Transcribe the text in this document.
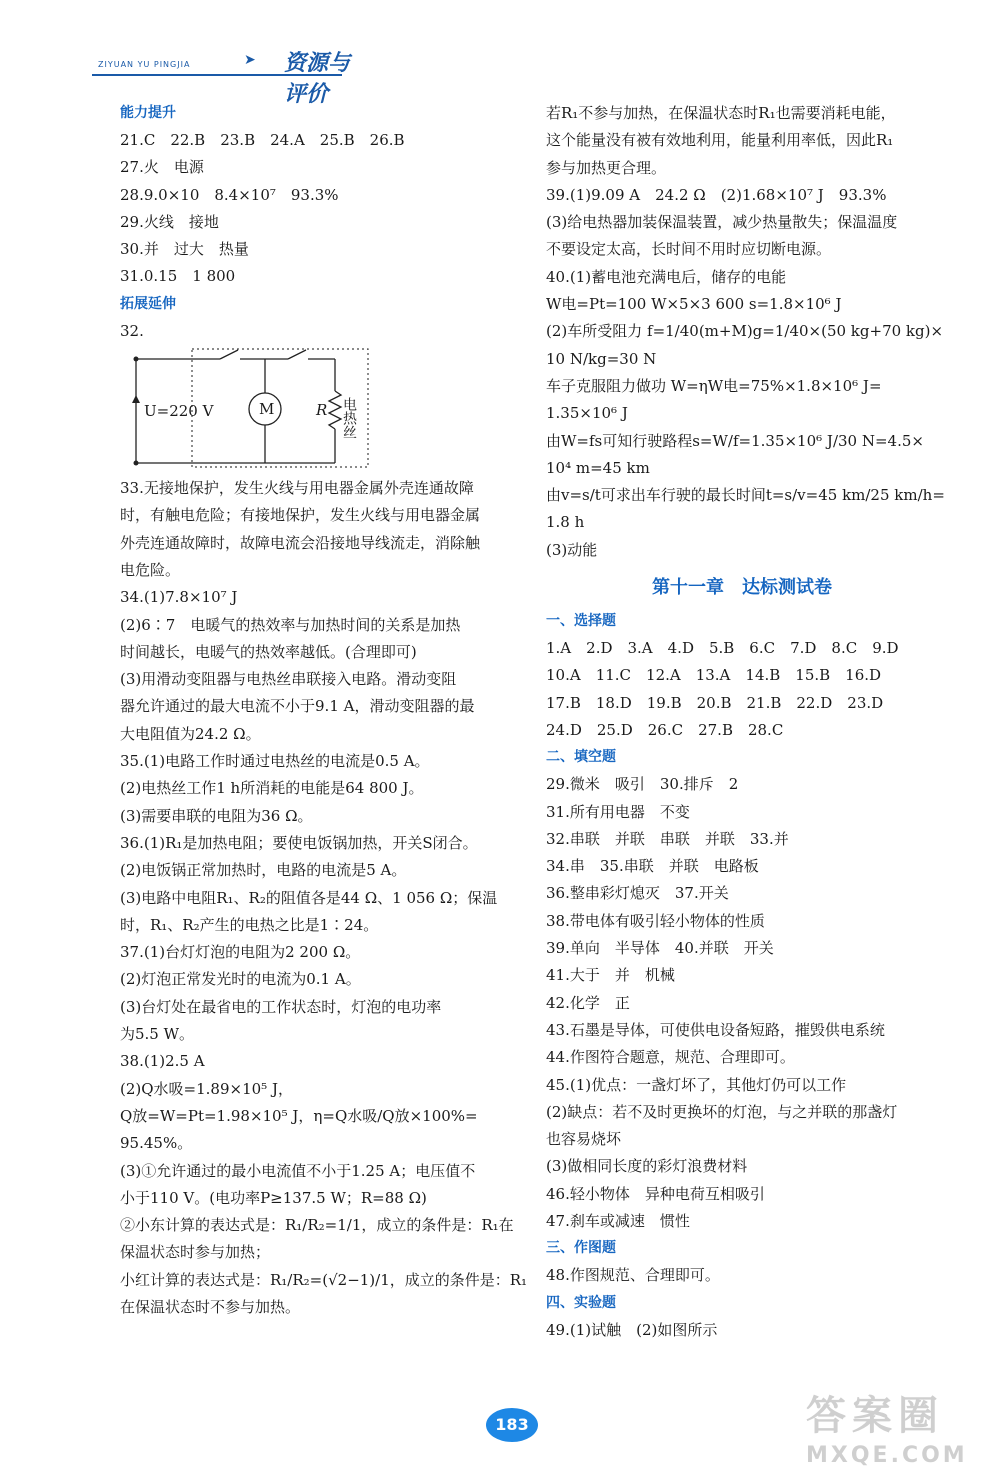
ZIYUAN YU PINGJIA	➤ 资源与评价
能力提升
21.C　22.B　23.B　24.A　25.B　26.B
27.火　电源
28.9.0×10　8.4×10⁷　93.3%
29.火线　接地
30.并　过大　热量
31.0.15　1 800
拓展延伸
32.
U=220 V	M	R 电热丝
33.无接地保护，发生火线与用电器金属外壳连通故障
时，有触电危险；有接地保护，发生火线与用电器金属
外壳连通故障时，故障电流会沿接地导线流走，消除触
电危险。
34.(1)7.8×10⁷ J
(2)6∶7　电暖气的热效率与加热时间的关系是加热
时间越长，电暖气的热效率越低。(合理即可)
(3)用滑动变阻器与电热丝串联接入电路。滑动变阻
器允许通过的最大电流不小于9.1 A，滑动变阻器的最
大电阻值为24.2 Ω。
35.(1)电路工作时通过电热丝的电流是0.5 A。
(2)电热丝工作1 h所消耗的电能是64 800 J。
(3)需要串联的电阻为36 Ω。
36.(1)R₁是加热电阻；要使电饭锅加热，开关S闭合。
(2)电饭锅正常加热时，电路的电流是5 A。
(3)电路中电阻R₁、R₂的阻值各是44 Ω、1 056 Ω；保温
时，R₁、R₂产生的电热之比是1∶24。
37.(1)台灯灯泡的电阻为2 200 Ω。
(2)灯泡正常发光时的电流为0.1 A。
(3)台灯处在最省电的工作状态时，灯泡的电功率
为5.5 W。
38.(1)2.5 A
(2)Q水吸=1.89×10⁵ J，
Q放=W=Pt=1.98×10⁵ J，η=Q水吸/Q放×100%=
95.45%。
(3)①允许通过的最小电流值不小于1.25 A；电压值不
小于110 V。(电功率P≥137.5 W；R=88 Ω)
②小东计算的表达式是：R₁/R₂=1/1，成立的条件是：R₁在
保温状态时参与加热；
小红计算的表达式是：R₁/R₂=(√2−1)/1，成立的条件是：R₁
在保温状态时不参与加热。
若R₁不参与加热，在保温状态时R₁也需要消耗电能，
这个能量没有被有效地利用，能量利用率低，因此R₁
参与加热更合理。
39.(1)9.09 A　24.2 Ω　(2)1.68×10⁷ J　93.3%
(3)给电热器加装保温装置，减少热量散失；保温温度
不要设定太高，长时间不用时应切断电源。
40.(1)蓄电池充满电后，储存的电能
W电=Pt=100 W×5×3 600 s=1.8×10⁶ J
(2)车所受阻力 f=1/40(m+M)g=1/40×(50 kg+70 kg)×
10 N/kg=30 N
车子克服阻力做功 W=ηW电=75%×1.8×10⁶ J=
1.35×10⁶ J
由W=fs可知行驶路程s=W/f=1.35×10⁶ J/30 N=4.5×
10⁴ m=45 km
由v=s/t可求出车行驶的最长时间t=s/v=45 km/25 km/h=
1.8 h
(3)动能
第十一章　达标测试卷
一、选择题
1.A　2.D　3.A　4.D　5.B　6.C　7.D　8.C　9.D
10.A　11.C　12.A　13.A　14.B　15.B　16.D
17.B　18.D　19.B　20.B　21.B　22.D　23.D
24.D　25.D　26.C　27.B　28.C
二、填空题
29.微米　吸引　30.排斥　2
31.所有用电器　不变
32.串联　并联　串联　并联　33.并
34.串　35.串联　并联　电路板
36.整串彩灯熄灭　37.开关
38.带电体有吸引轻小物体的性质
39.单向　半导体　40.并联　开关
41.大于　并　机械
42.化学　正
43.石墨是导体，可使供电设备短路，摧毁供电系统
44.作图符合题意，规范、合理即可。
45.(1)优点：一盏灯坏了，其他灯仍可以工作
(2)缺点：若不及时更换坏的灯泡，与之并联的那盏灯
也容易烧坏
(3)做相同长度的彩灯浪费材料
46.轻小物体　异种电荷互相吸引
47.刹车或减速　惯性
三、作图题
48.作图规范、合理即可。
四、实验题
49.(1)试触　(2)如图所示
183	答案圈
MXQE.COM
